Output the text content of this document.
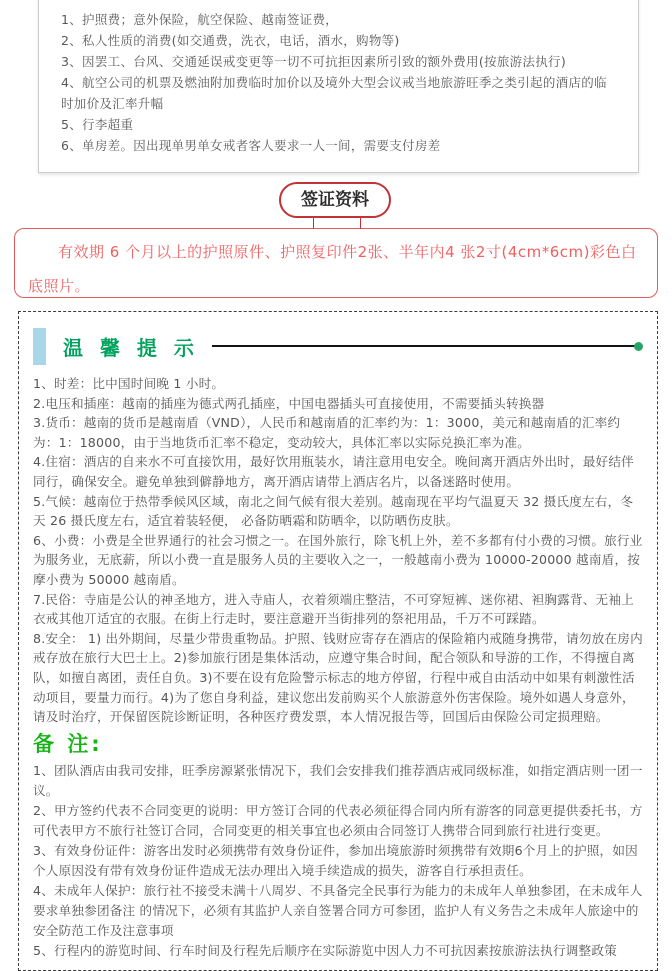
1、护照费；意外保险，航空保险、越南签证费，
2、私人性质的消费(如交通费，洗衣，电话，酒水，购物等)
3、因罢工、台风、交通延误戒变更等一切不可抗拒因素所引致的额外费用(按旅游法执行)
4、航空公司的机票及燃油附加费临时加价以及境外大型会议戒当地旅游旺季之类引起的酒店的临时加价及汇率升幅
5、行李超重
6、单房差。因出现单男单女戒者客人要求一人一间，需要支付房差
签证资料

有效期 6 个月以上的护照原件、护照复印件2张、半年内4 张2寸(4cm*6cm)彩色白底照片。

温 馨 提 示
1、时差：比中国时间晚 1 小时。
2.电压和插座：越南的插座为德式两孔插座，中国电器插头可直接使用，不需要插头转换器
3.货币：越南的货币是越南盾（VND），人民币和越南盾的汇率约为：1：3000，美元和越南盾的汇率约为：1：18000，由于当地货币汇率不稳定，变动较大，具体汇率以实际兑换汇率为准。
4.住宿：酒店的自来水不可直接饮用，最好饮用瓶装水，请注意用电安全。晚间离开酒店外出时，最好结伴同行，确保安全。避免单独到僻静地方，离开酒店请带上酒店名片，以备迷路时使用。
5.气候：越南位于热带季候风区域，南北之间气候有很大差别。越南现在平均气温夏天 32 摄氏度左右，冬天 26 摄氏度左右，适宜着装轻便， 必备防晒霜和防晒伞，以防晒伤皮肤。
6、小费：小费是全世界通行的社会习惯之一。在国外旅行，除飞机上外，差不多都有付小费的习惯。旅行业为服务业，无底薪，所以小费一直是服务人员的主要收入之一，一般越南小费为 10000-20000 越南盾，按摩小费为 50000 越南盾。
7.民俗：寺庙是公认的神圣地方，进入寺庙人，衣着须端庄整洁，不可穿短裤、迷你裙、袒胸露背、无袖上衣戒其他丌适宜的衣服。在街上行走时，要注意避开当街排列的祭祀用品，千万不可踩踏。
8.安全： 1) 出外期间，尽量少带贵重物品。护照、钱财应寄存在酒店的保险箱内戒随身携带，请勿放在房内戒存放在旅行大巴士上。2)参加旅行团是集体活动，应遵守集合时间，配合领队和导游的工作，不得擅自离队，如擅自离团，责任自负。3)不要在设有危险警示标志的地方停留，行程中戒自由活动中如果有刺激性活动项目，要量力而行。4)为了您自身利益，建议您出发前购买个人旅游意外伤害保险。境外如遇人身意外，请及时治疗，开保留医院诊断证明，各种医疗费发票，本人情况报告等，回国后由保险公司定损理赔。
备 注:
1、团队酒店由我司安排，旺季房源紧张情况下，我们会安排我们推荐酒店戒同级标准，如指定酒店则一团一议。
2、甲方签约代表不合同变更的说明：甲方签订合同的代表必须征得合同内所有游客的同意更提供委托书，方可代表甲方不旅行社签订合同，合同变更的相关事宜也必须由合同签订人携带合同到旅行社进行变更。
3、有效身份证件：游客出发时必须携带有效身份证件，参加出境旅游时须携带有效期6个月上的护照，如因个人原因没有带有效身份证件造成无法办理出入境手续造成的损失，游客自行承担责任。
4、未成年人保护：旅行社不接受未满十八周岁、不具备完全民事行为能力的未成年人单独参团，在未成年人要求单独参团备注 的情况下，必须有其监护人亲自签署合同方可参团，监护人有义务告之未成年人旅途中的安全防范工作及注意事项
5、行程内的游览时间、行车时间及行程先后顺序在实际游览中因人力不可抗因素按旅游法执行调整政策
